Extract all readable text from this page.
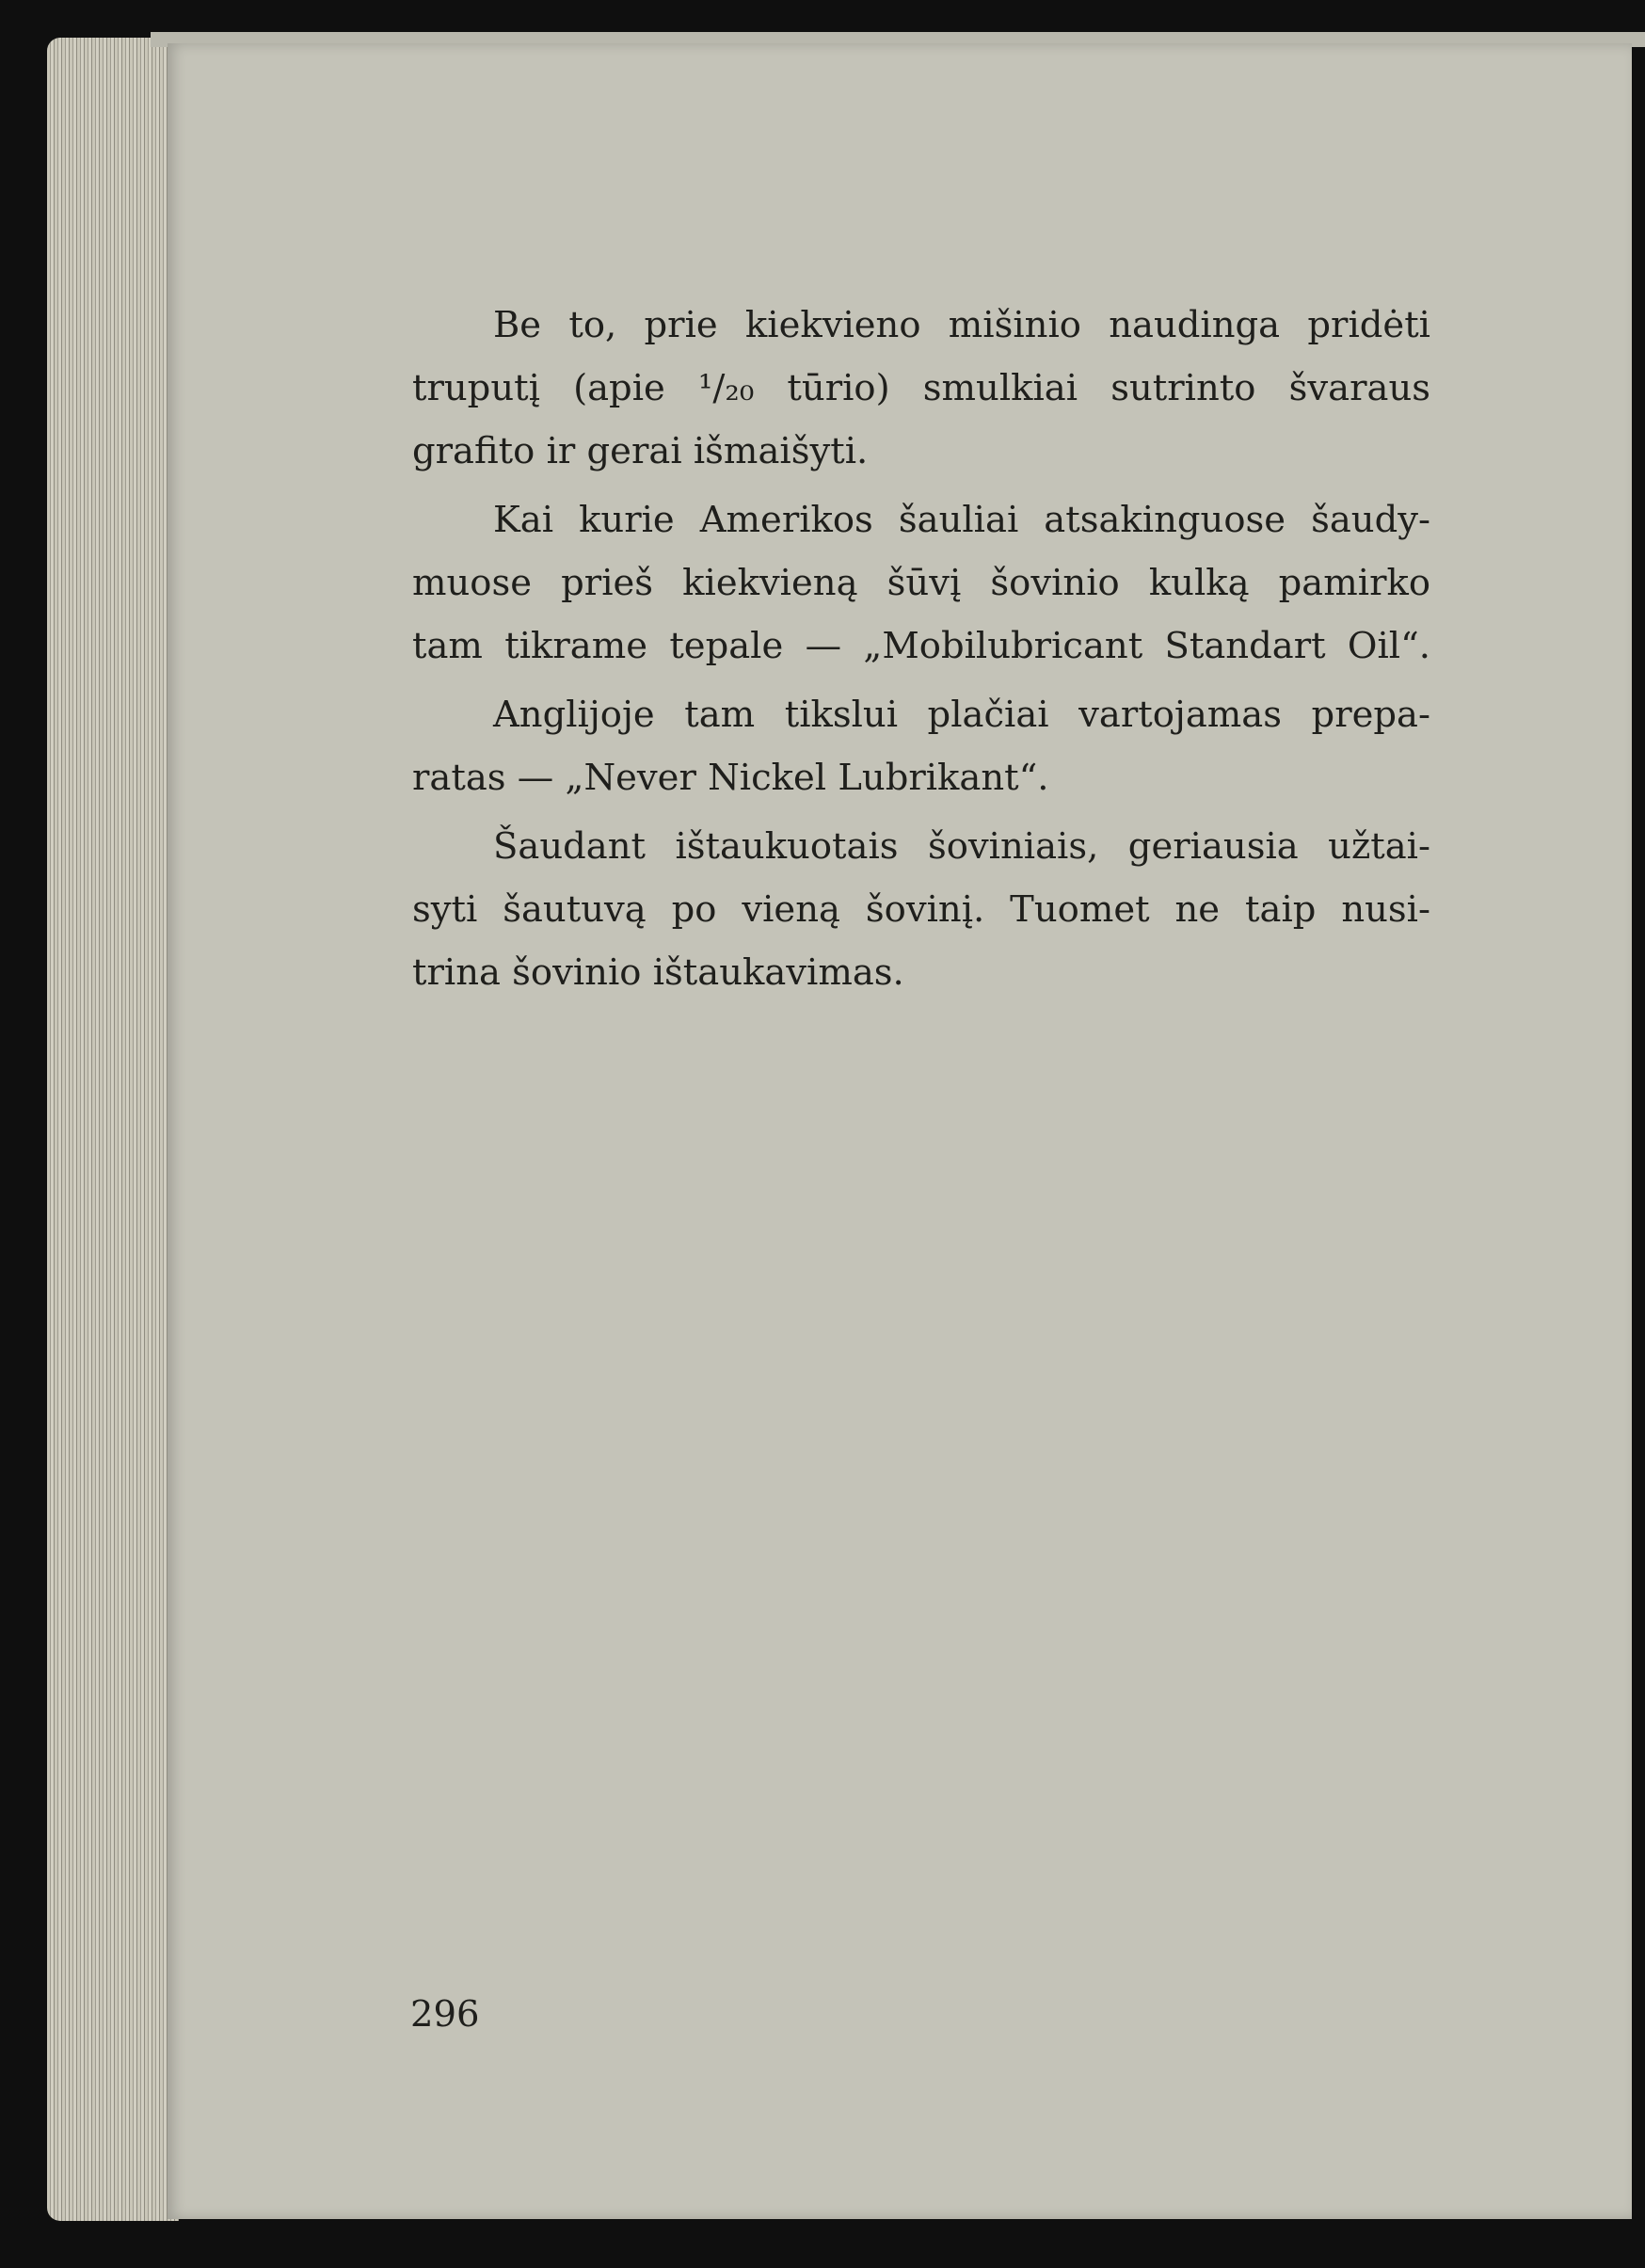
Be to, prie kiekvieno mišinio naudinga pridėti
truputį (apie ¹/₂₀ tūrio) smulkiai sutrinto švaraus
grafito ir gerai išmaišyti.
Kai kurie Amerikos šauliai atsakinguose šaudy-
muose prieš kiekvieną šūvį šovinio kulką pamirko
tam tikrame tepale — „Mobilubricant Standart Oil“.
Anglijoje tam tikslui plačiai vartojamas prepa-
ratas — „Never Nickel Lubrikant“.
Šaudant ištaukuotais šoviniais, geriausia užtai-
syti šautuvą po vieną šovinį. Tuomet ne taip nusi-
trina šovinio ištaukavimas.
296
